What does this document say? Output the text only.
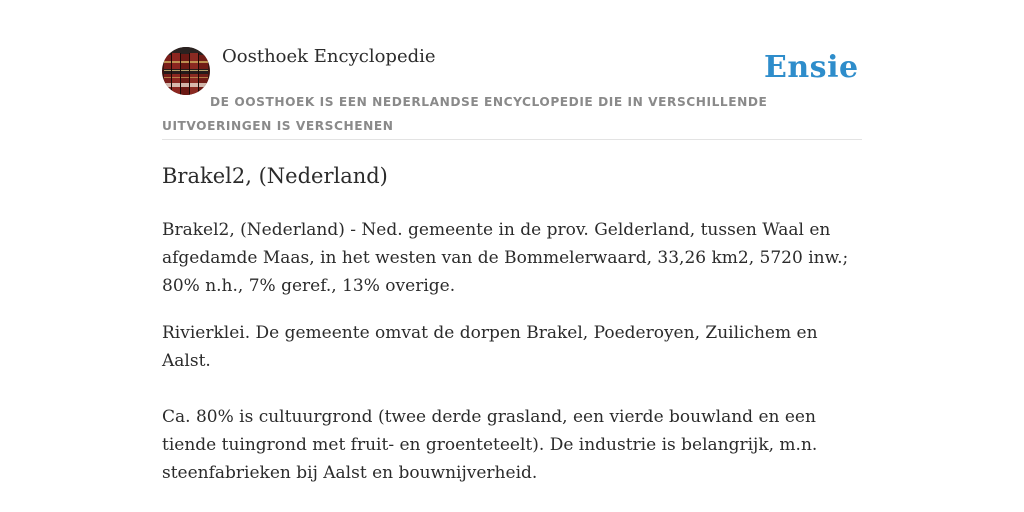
Oosthoek Encyclopedie	Ensie

DE OOSTHOEK IS EEN NEDERLANDSE ENCYCLOPEDIE DIE IN VERSCHILLENDE UITVOERINGEN IS VERSCHENEN

Brakel2, (Nederland)

Brakel2, (Nederland) - Ned. gemeente in de prov. Gelderland, tussen Waal en afgedamde Maas, in het westen van de Bommelerwaard, 33,26 km2, 5720 inw.; 80% n.h., 7% geref., 13% overige.

Rivierklei. De gemeente omvat de dorpen Brakel, Poederoyen, Zuilichem en Aalst.

Ca. 80% is cultuurgrond (twee derde grasland, een vierde bouwland en een tiende tuingrond met fruit- en groenteteelt). De industrie is belangrijk, m.n. steenfabrieken bij Aalst en bouwnijverheid.
